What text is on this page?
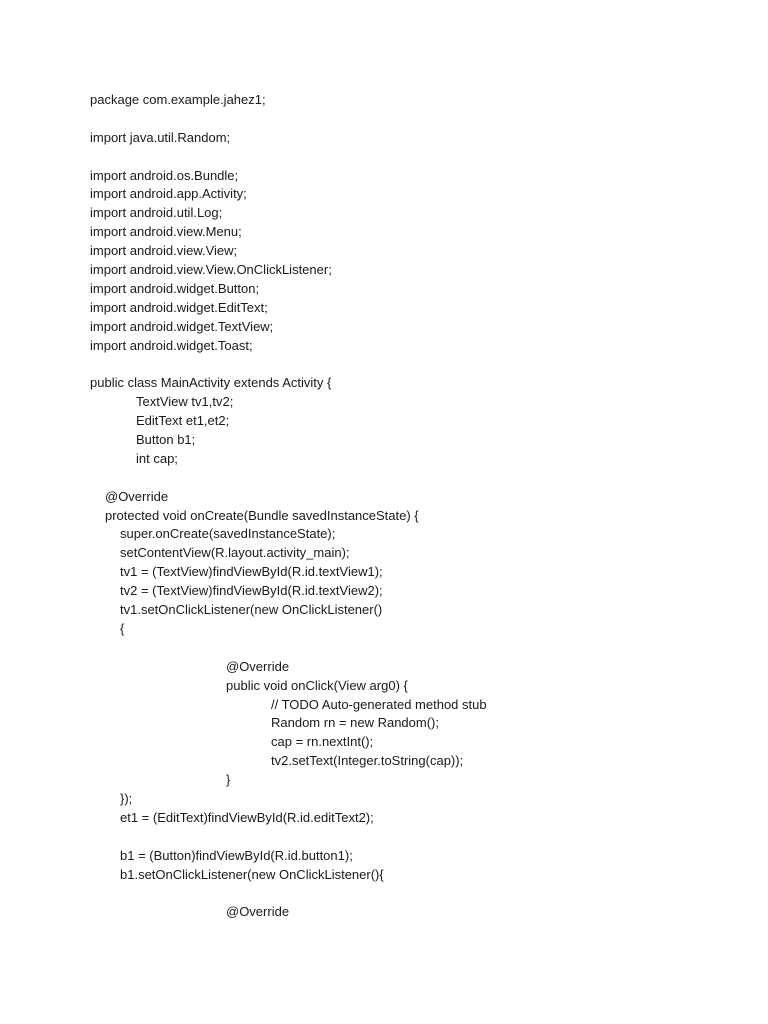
package com.example.jahez1;
import java.util.Random;
import android.os.Bundle;
import android.app.Activity;
import android.util.Log;
import android.view.Menu;
import android.view.View;
import android.view.View.OnClickListener;
import android.widget.Button;
import android.widget.EditText;
import android.widget.TextView;
import android.widget.Toast;
public class MainActivity extends Activity {
TextView tv1,tv2;
EditText et1,et2;
Button b1;
int cap;
@Override
protected void onCreate(Bundle savedInstanceState) {
super.onCreate(savedInstanceState);
setContentView(R.layout.activity_main);
tv1 = (TextView)findViewById(R.id.textView1);
tv2 = (TextView)findViewById(R.id.textView2);
tv1.setOnClickListener(new OnClickListener()
{
@Override
public void onClick(View arg0) {
// TODO Auto-generated method stub
Random rn = new Random();
cap = rn.nextInt();
tv2.setText(Integer.toString(cap));
}
});
et1 = (EditText)findViewById(R.id.editText2);
b1 = (Button)findViewById(R.id.button1);
b1.setOnClickListener(new OnClickListener(){
@Override
